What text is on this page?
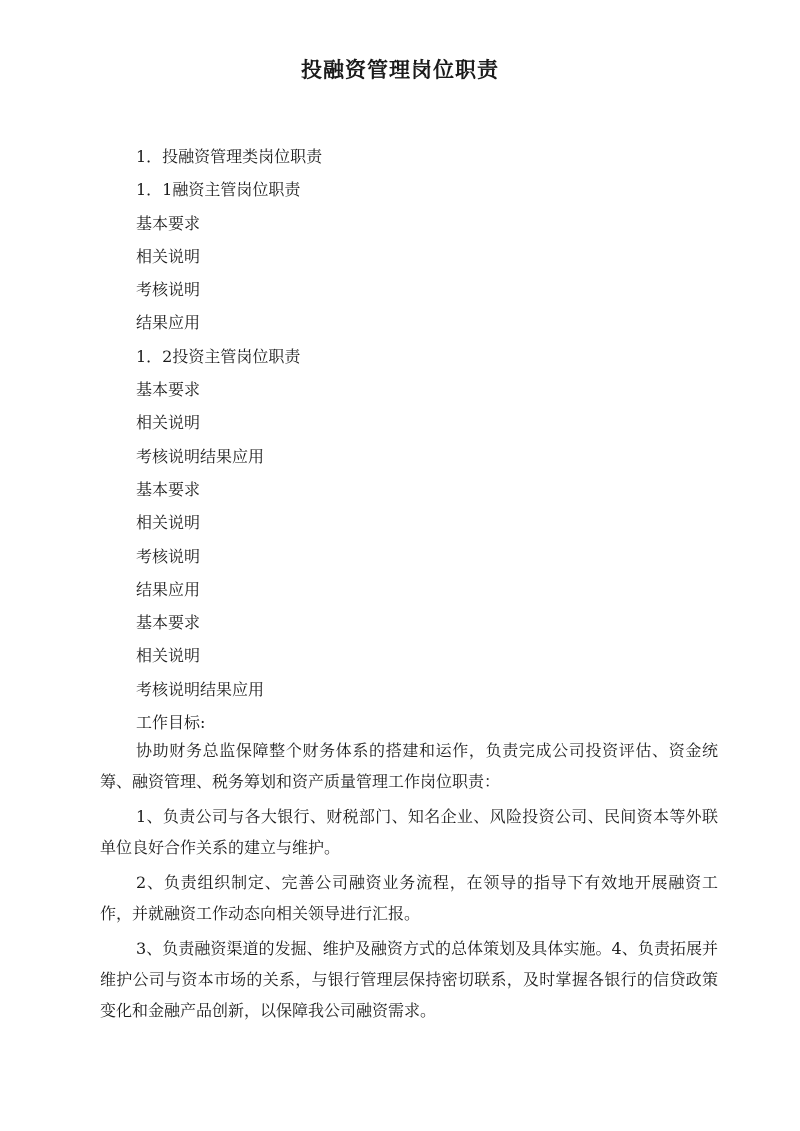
投融资管理岗位职责
1．投融资管理类岗位职责
1．1融资主管岗位职责
基本要求
相关说明
考核说明
结果应用
1．2投资主管岗位职责
基本要求
相关说明
考核说明结果应用
基本要求
相关说明
考核说明
结果应用
基本要求
相关说明
考核说明结果应用
工作目标:

协助财务总监保障整个财务体系的搭建和运作，负责完成公司投资评估、资金统筹、融资管理、税务筹划和资产质量管理工作岗位职责：

1、负责公司与各大银行、财税部门、知名企业、风险投资公司、民间资本等外联单位良好合作关系的建立与维护。

2、负责组织制定、完善公司融资业务流程，在领导的指导下有效地开展融资工作，并就融资工作动态向相关领导进行汇报。

3、负责融资渠道的发掘、维护及融资方式的总体策划及具体实施。4、负责拓展并维护公司与资本市场的关系，与银行管理层保持密切联系，及时掌握各银行的信贷政策变化和金融产品创新，以保障我公司融资需求。
